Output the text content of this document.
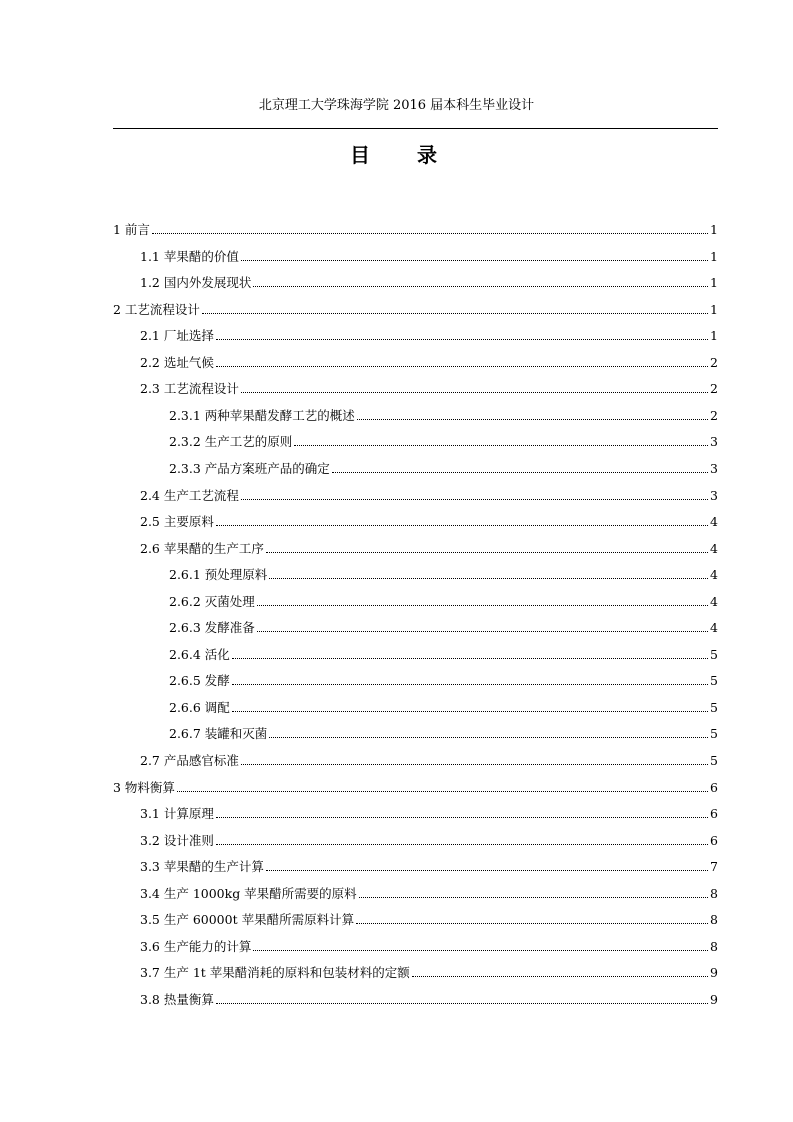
北京理工大学珠海学院 2016 届本科生毕业设计
目 录
1 前言	1
1.1 苹果醋的价值	1
1.2 国内外发展现状	1
2 工艺流程设计	1
2.1 厂址选择	1
2.2 选址气候	2
2.3 工艺流程设计	2
2.3.1 两种苹果醋发酵工艺的概述	2
2.3.2 生产工艺的原则	3
2.3.3 产品方案班产品的确定	3
2.4 生产工艺流程	3
2.5 主要原料	4
2.6 苹果醋的生产工序	4
2.6.1 预处理原料	4
2.6.2 灭菌处理	4
2.6.3 发酵准备	4
2.6.4 活化	5
2.6.5 发酵	5
2.6.6 调配	5
2.6.7 装罐和灭菌	5
2.7 产品感官标准	5
3 物料衡算	6
3.1 计算原理	6
3.2 设计准则	6
3.3 苹果醋的生产计算	7
3.4 生产 1000kg 苹果醋所需要的原料	8
3.5 生产 60000t 苹果醋所需原料计算	8
3.6 生产能力的计算	8
3.7 生产 1t 苹果醋消耗的原料和包装材料的定额	9
3.8 热量衡算	9
